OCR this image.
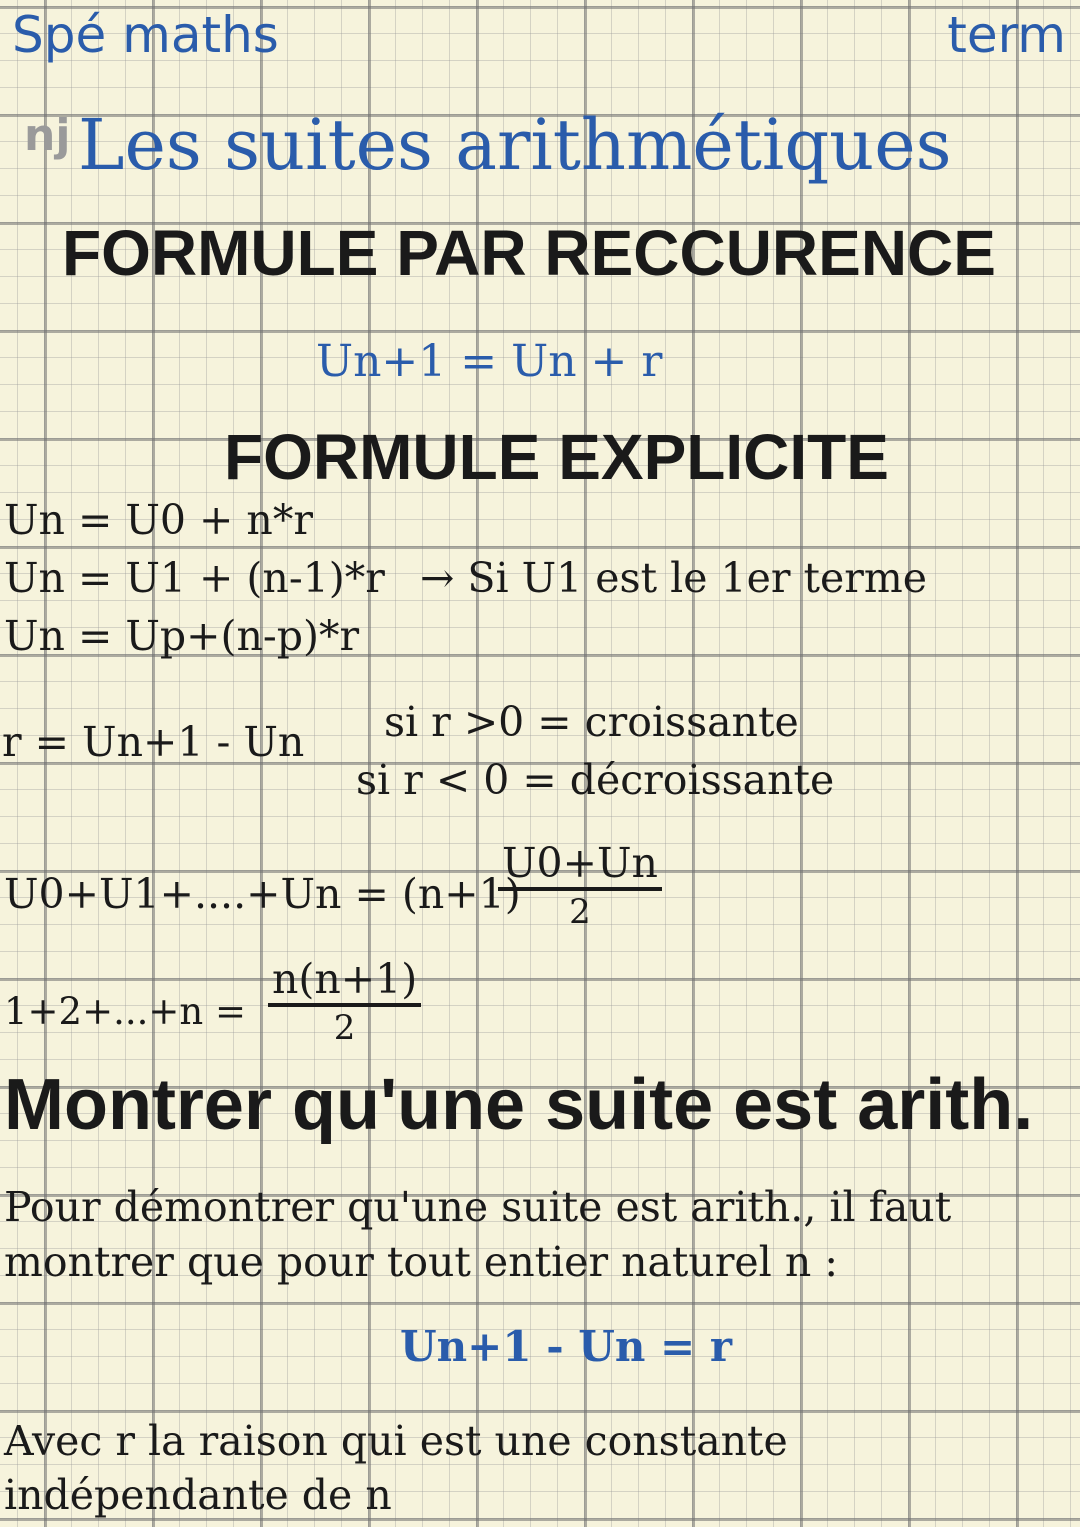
Spé maths	term
nj Les suites arithmétiques
FORMULE PAR RECCURENCE
Un+1 = Un + r
FORMULE EXPLICITE
Un = U0 + n*r
Un = U1 + (n-1)*r → Si U1 est le 1er terme
Un = Up+(n-p)*r
r = Un+1 - Un si r >0 = croissante
si r < 0 = décroissante
U0+U1+....+Un = (n+1)
U0+Un
2
1+2+...+n =
n(n+1)
2
Montrer qu'une suite est arith.
Pour démontrer qu'une suite est arith., il faut montrer que pour tout entier naturel n :
Un+1 - Un = r
Avec r la raison qui est une constante indépendante de n
